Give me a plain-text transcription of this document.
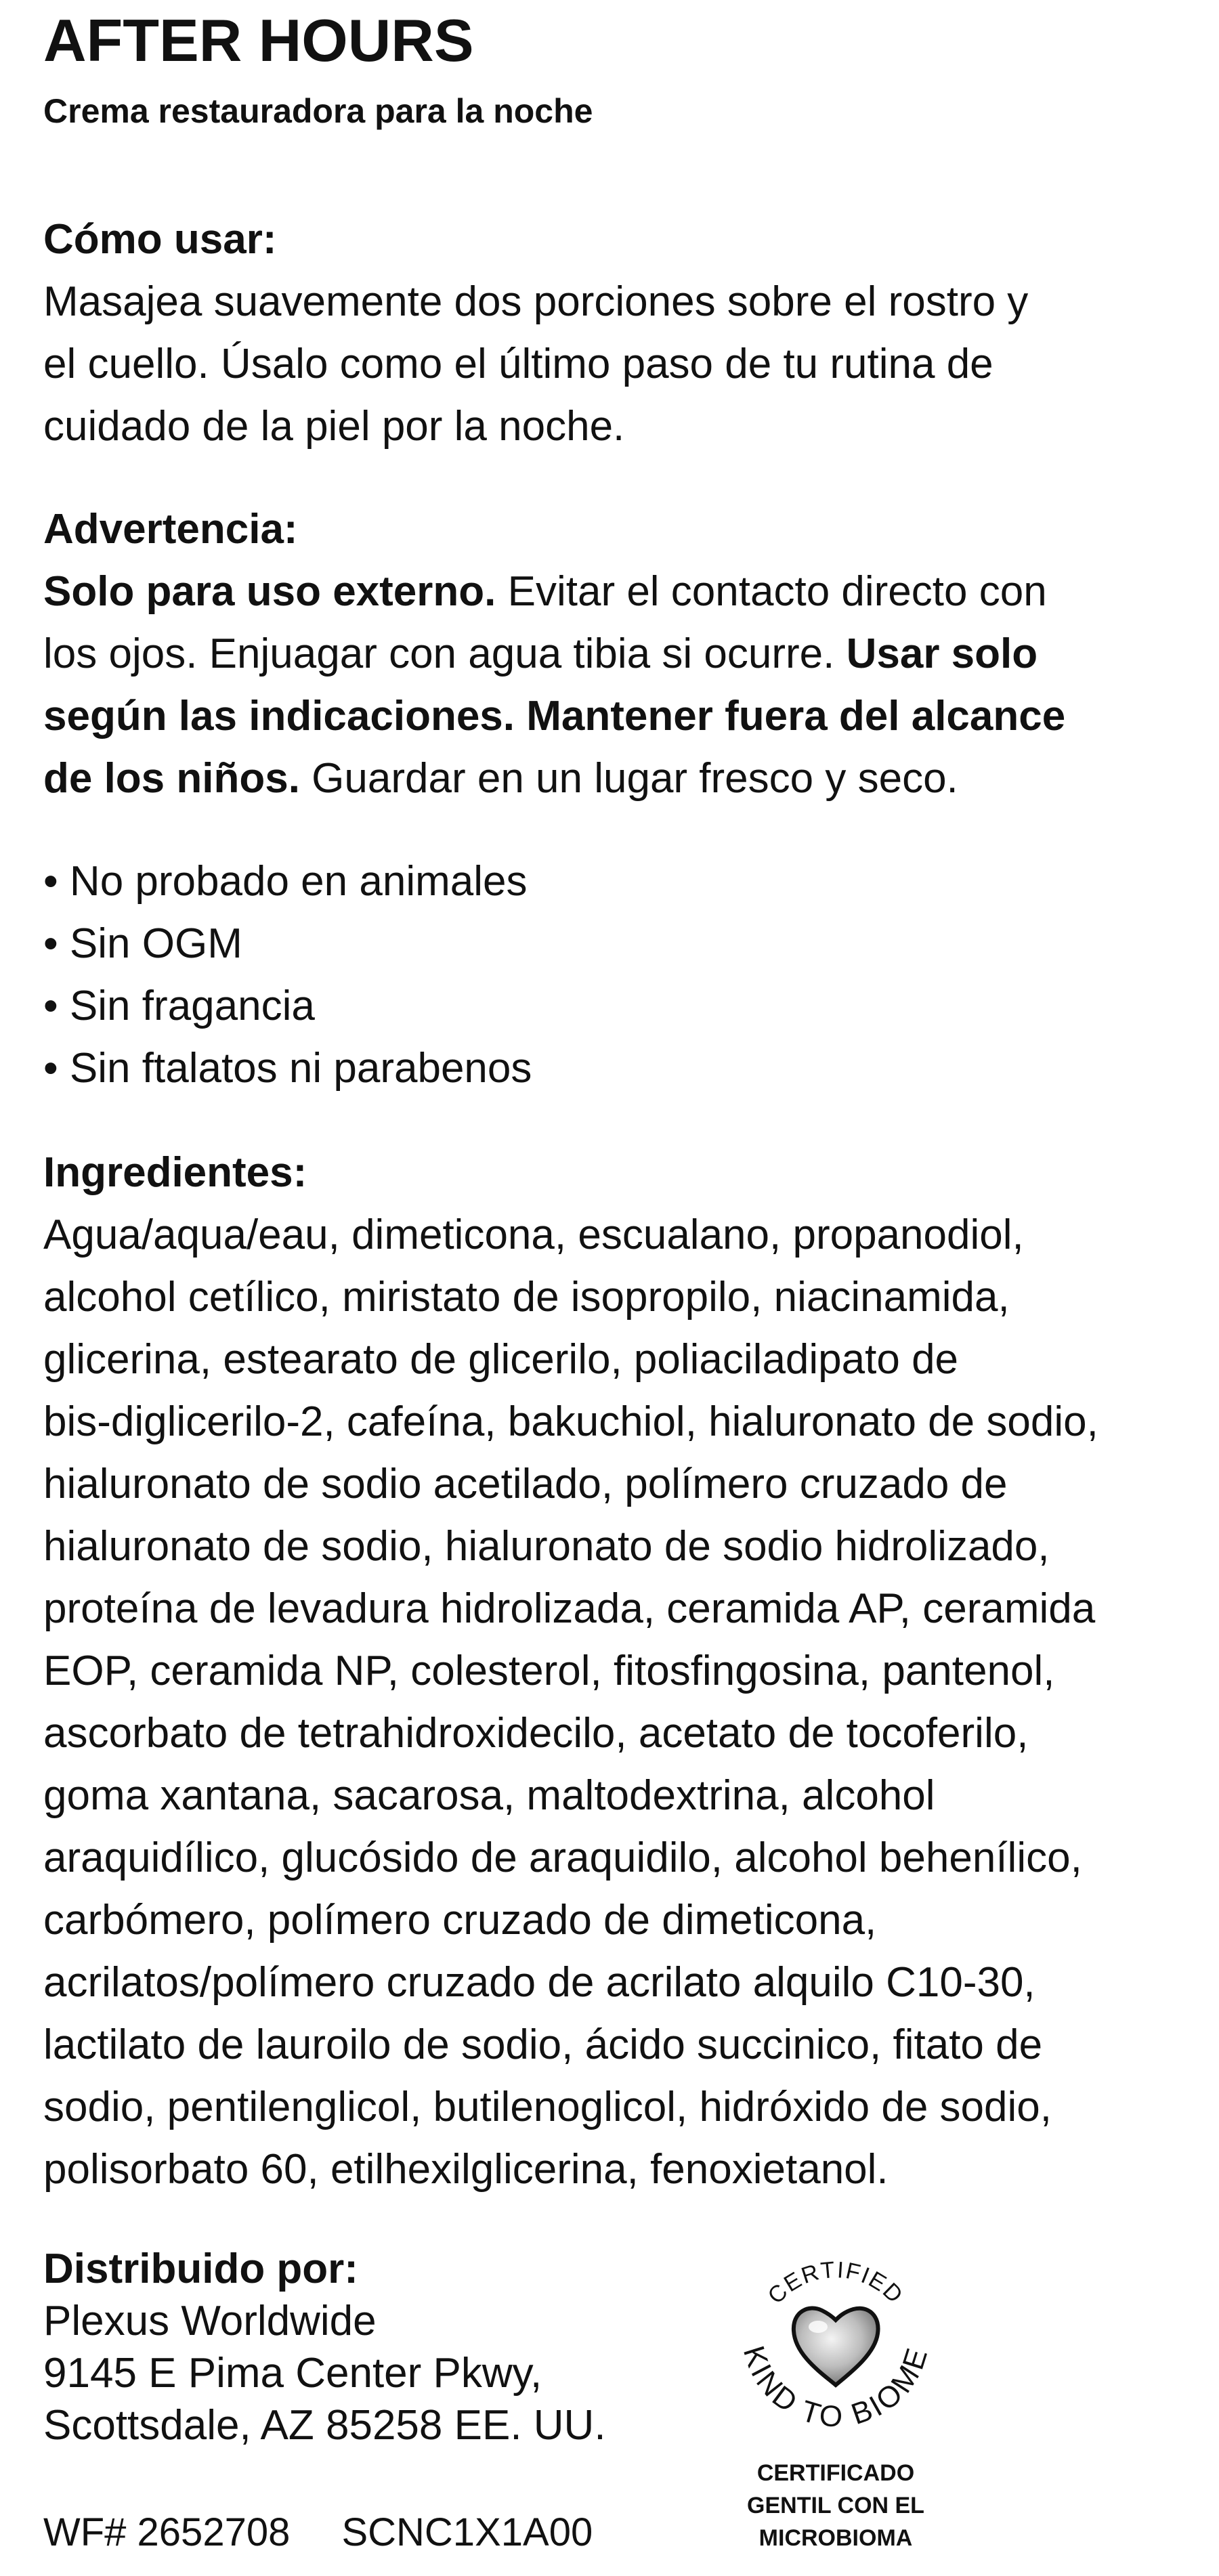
AFTER HOURS
Crema restauradora para la noche
Cómo usar:

Masajea suavemente dos porciones sobre el rostro y

el cuello. Úsalo como el último paso de tu rutina de

cuidado de la piel por la noche.

Advertencia:

Solo para uso externo. Evitar el contacto directo con

los ojos. Enjuagar con agua tibia si ocurre. Usar solo

según las indicaciones. Mantener fuera del alcance

de los niños. Guardar en un lugar fresco y seco.

• No probado en animales
• Sin OGM
• Sin fragancia
• Sin ftalatos ni parabenos
Ingredientes:
Agua/aqua/eau, dimeticona, escualano, propanodiol,
alcohol cetílico, miristato de isopropilo, niacinamida,
glicerina, estearato de glicerilo, poliaciladipato de
bis-diglicerilo-2, cafeína, bakuchiol, hialuronato de sodio,
hialuronato de sodio acetilado, polímero cruzado de
hialuronato de sodio, hialuronato de sodio hidrolizado,
proteína de levadura hidrolizada, ceramida AP, ceramida
EOP, ceramida NP, colesterol, fitosfingosina, pantenol,
ascorbato de tetrahidroxidecilo, acetato de tocoferilo,
goma xantana, sacarosa, maltodextrina, alcohol
araquidílico, glucósido de araquidilo, alcohol behenílico,
carbómero, polímero cruzado de dimeticona,
acrilatos/polímero cruzado de acrilato alquilo C10-30,
lactilato de lauroilo de sodio, ácido succinico, fitato de
sodio, pentilenglicol, butilenoglicol, hidróxido de sodio,
polisorbato 60, etilhexilglicerina, fenoxietanol.
Distribuido por:
Plexus Worldwide
9145 E Pima Center Pkwy,
Scottsdale, AZ 85258 EE. UU.
WF# 2652708 SCNC1X1A00
CERTIFIED
KIND TO BIOME
CERTIFICADO
GENTIL CON EL
MICROBIOMA
